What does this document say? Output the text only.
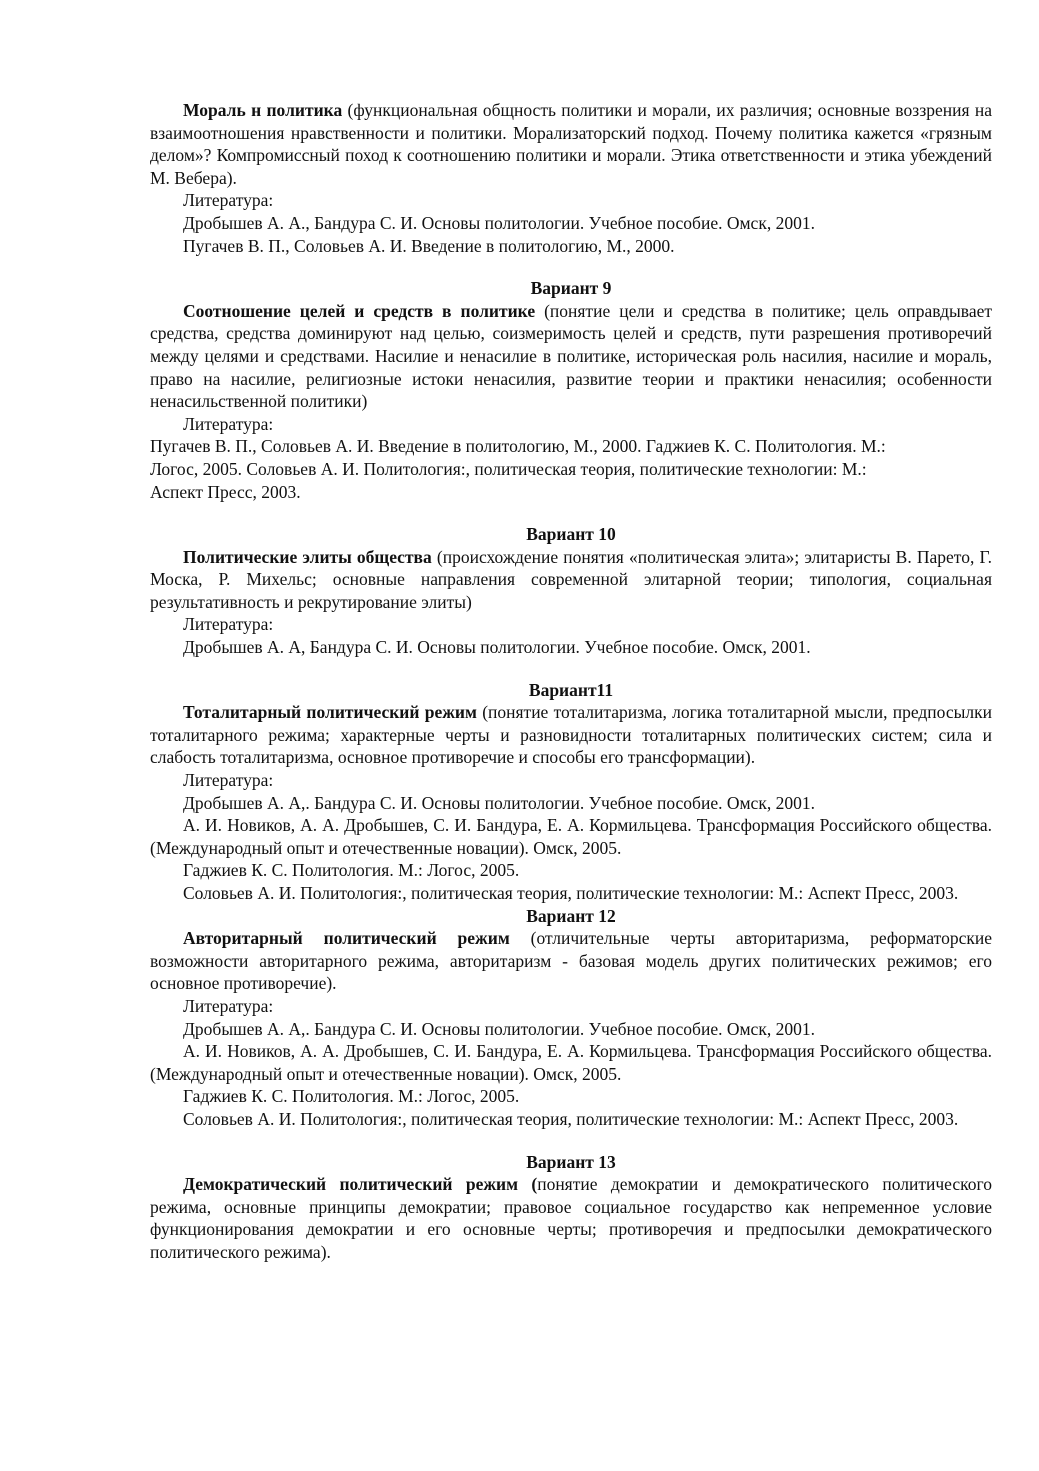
Мораль н политика (функциональная общность политики и морали, их различия; основные воззрения на взаимоотношения нравственности и политики. Морализаторский подход. Почему политика кажется «грязным делом»? Компромиссный поход к соотношению политики и морали. Этика ответственности и этика убеждений М. Вебера).

Литература:

Дробышев А. А., Бандура С. И. Основы политологии. Учебное пособие. Омск, 2001.

Пугачев В. П., Соловьев А. И. Введение в политологию, М., 2000.

Вариант 9

Соотношение целей и средств в политике (понятие цели и средства в политике; цель оправдывает средства, средства доминируют над целью, соизмеримость целей и средств, пути разрешения противоречий между целями и средствами. Насилие и ненасилие в политике, историческая роль насилия, насилие и мораль, право на насилие, религиозные истоки ненасилия, развитие теории и практики ненасилия; особенности ненасильственной политики)

Литература:

Пугачев В. П., Соловьев А. И. Введение в политологию, М., 2000. Гаджиев К. С. Политология. М.:

Логос, 2005. Соловьев А. И. Политология:, политическая теория, политические технологии: М.:

Аспект Пресс, 2003.

Вариант 10

Политические элиты общества (происхождение понятия «политическая элита»; элитаристы В. Парето, Г. Моска, Р. Михельс; основные направления современной элитарной теории; типология, социальная результативность и рекрутирование элиты)

Литература:

Дробышев А. А, Бандура С. И. Основы политологии. Учебное пособие. Омск, 2001.

Вариант11

Тоталитарный политический режим (понятие тоталитаризма, логика тоталитарной мысли, предпосылки тоталитарного режима; характерные черты и разновидности тоталитарных политических систем; сила и слабость тоталитаризма, основное противоречие и способы его трансформации).

Литература:

Дробышев А. А,. Бандура С. И. Основы политологии. Учебное пособие. Омск, 2001.

А. И. Новиков, А. А. Дробышев, С. И. Бандура, Е. А. Кормильцева. Трансформация Российского общества. (Международный опыт и отечественные новации). Омск, 2005.

Гаджиев К. С. Политология. М.: Логос, 2005.

Соловьев А. И. Политология:, политическая теория, политические технологии: М.: Аспект Пресс, 2003.

Вариант 12

Авторитарный политический режим (отличительные черты авторитаризма, реформаторские возможности авторитарного режима, авторитаризм - базовая модель других политических режимов; его основное противоречие).

Литература:

Дробышев А. А,. Бандура С. И. Основы политологии. Учебное пособие. Омск, 2001.

А. И. Новиков, А. А. Дробышев, С. И. Бандура, Е. А. Кормильцева. Трансформация Российского общества. (Международный опыт и отечественные новации). Омск, 2005.

Гаджиев К. С. Политология. М.: Логос, 2005.

Соловьев А. И. Политология:, политическая теория, политические технологии: М.: Аспект Пресс, 2003.

Вариант 13

Демократический политический режим (понятие демократии и демократического политического режима, основные принципы демократии; правовое социальное государство как непременное условие функционирования демократии и его основные черты; противоречия и предпосылки демократического политического режима).
